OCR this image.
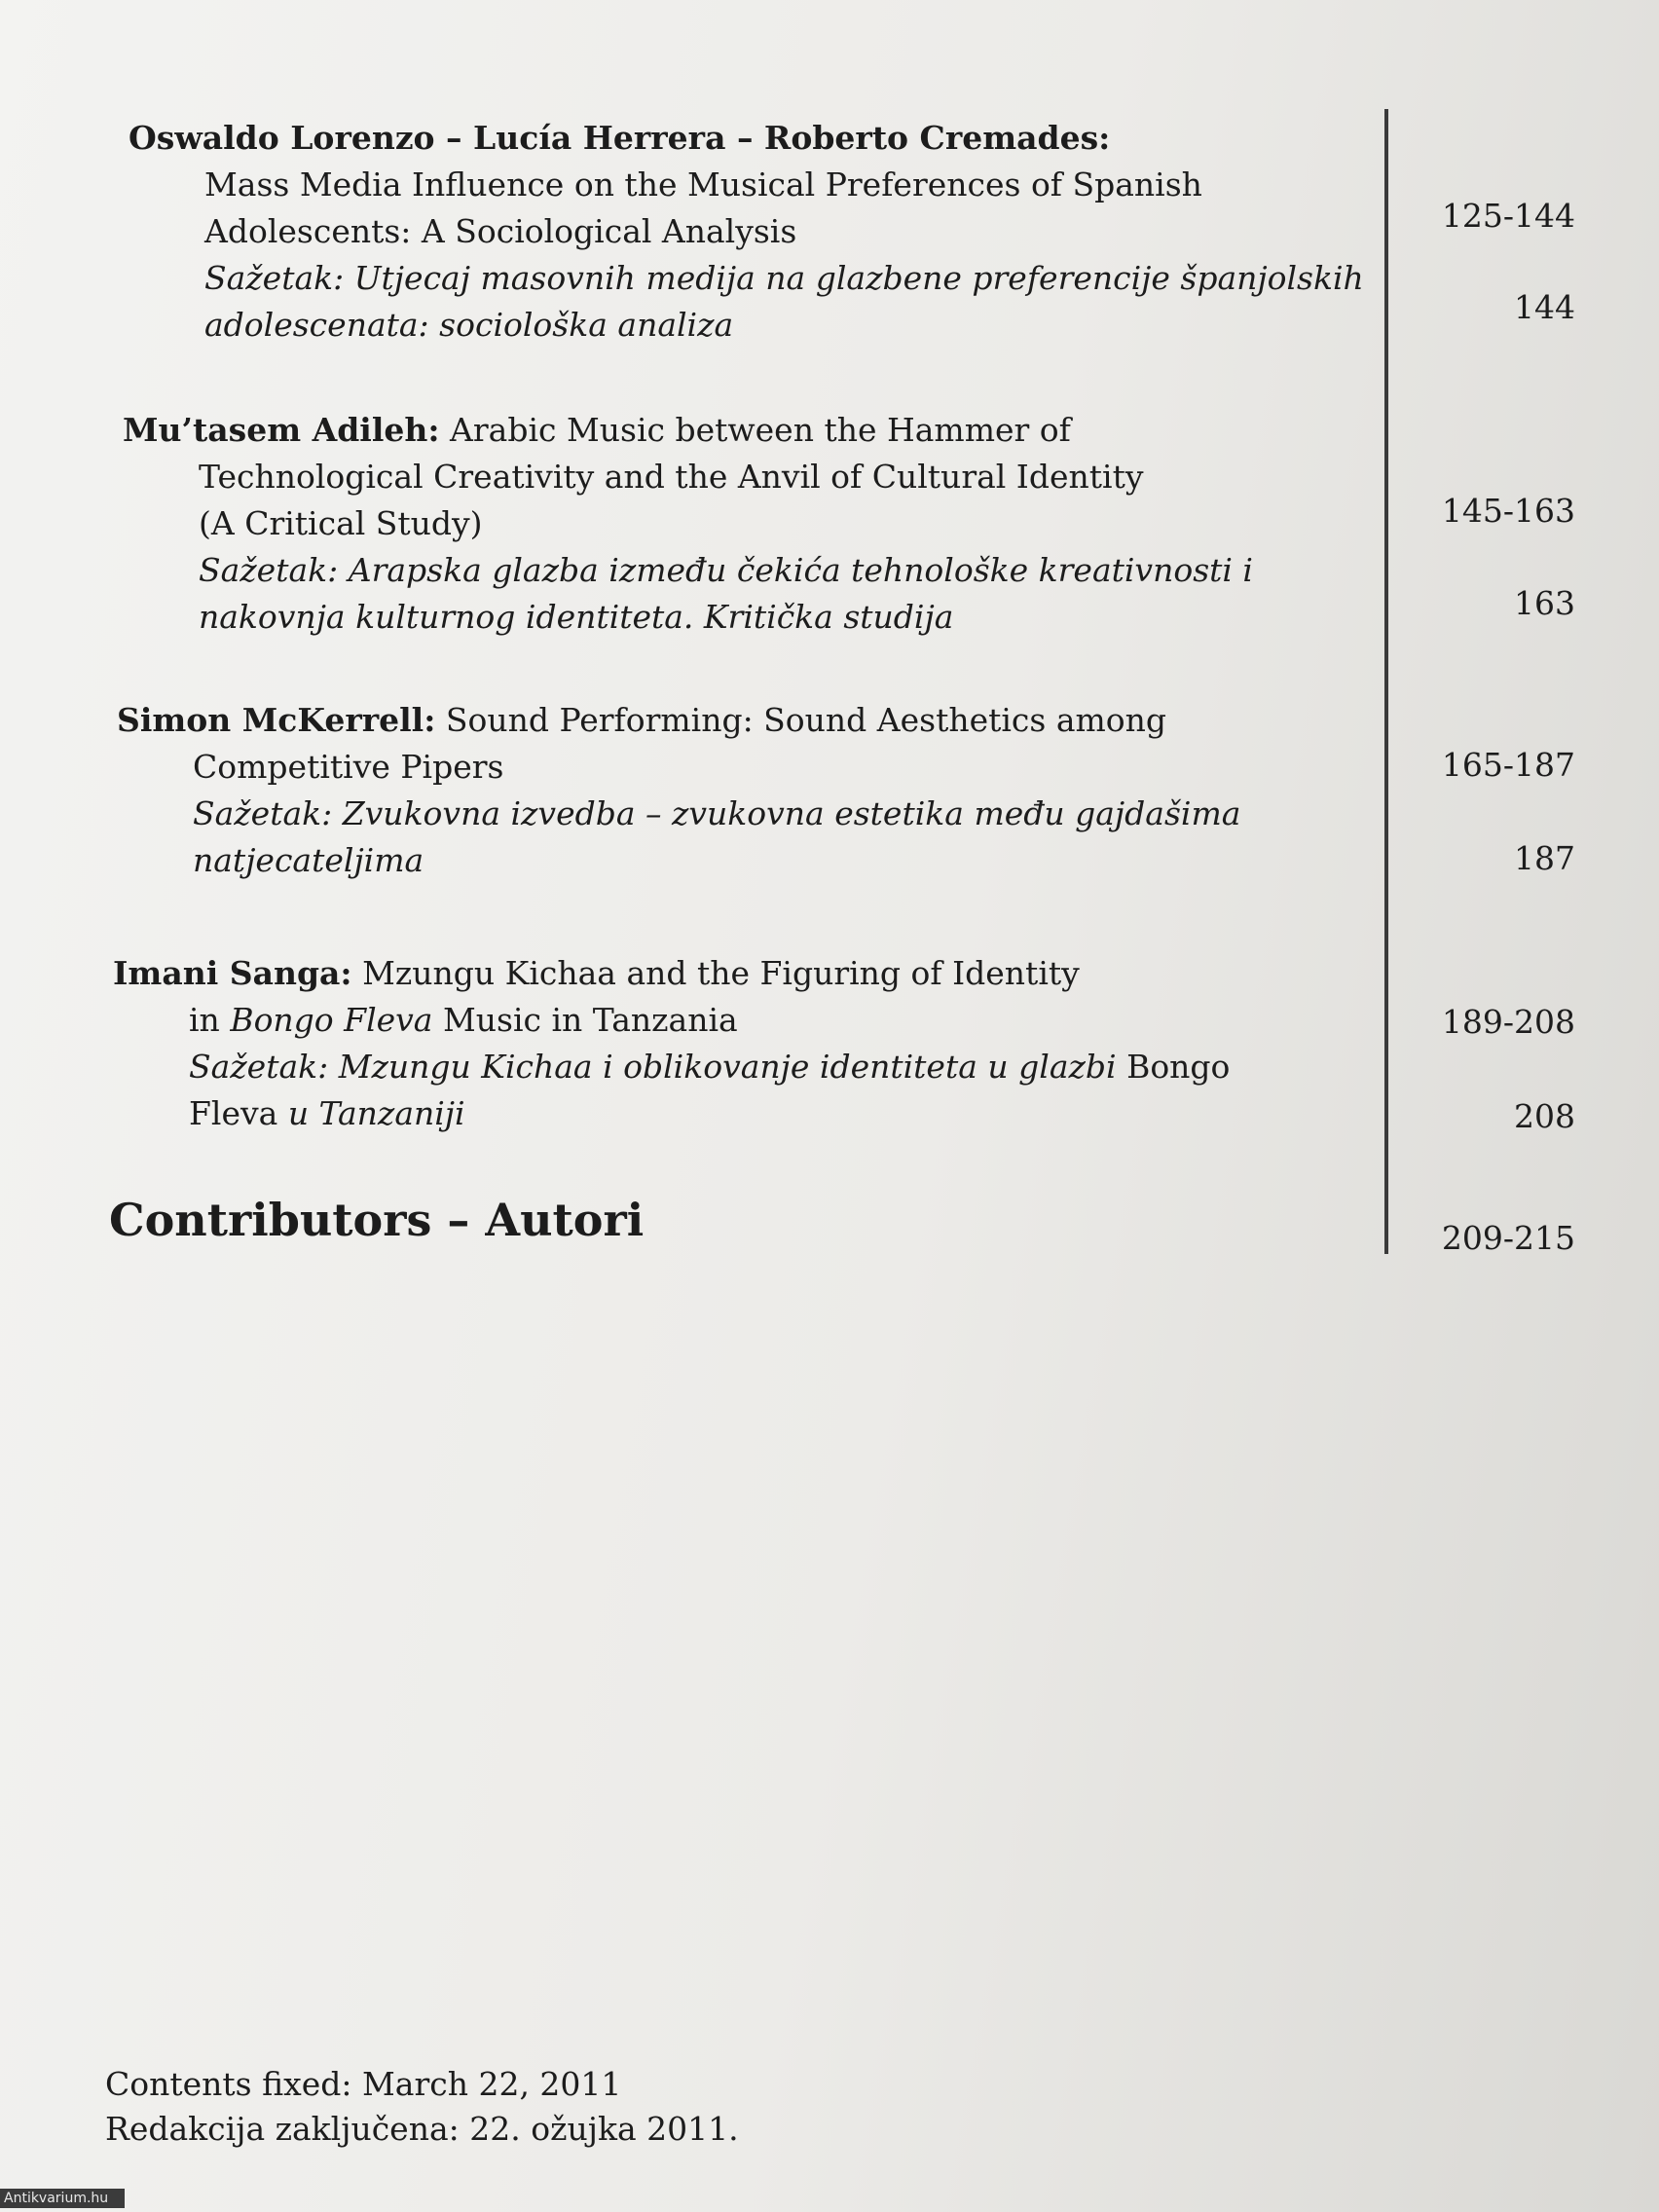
Oswaldo Lorenzo – Lucía Herrera – Roberto Cremades:
Mass Media Influence on the Musical Preferences of Spanish
Adolescents: A Sociological Analysis
Sažetak: Utjecaj masovnih medija na glazbene preferencije španjolskih
adolescenata: sociološka analiza
125-144
144
Mu’tasem Adileh: Arabic Music between the Hammer of
Technological Creativity and the Anvil of Cultural Identity
(A Critical Study)
Sažetak: Arapska glazba između čekića tehnološke kreativnosti i
nakovnja kulturnog identiteta. Kritička studija
145-163
163
Simon McKerrell: Sound Performing: Sound Aesthetics among
Competitive Pipers
Sažetak: Zvukovna izvedba – zvukovna estetika među gajdašima
natjecateljima
165-187
187
Imani Sanga: Mzungu Kichaa and the Figuring of Identity
in Bongo Fleva Music in Tanzania
Sažetak: Mzungu Kichaa i oblikovanje identiteta u glazbi Bongo
Fleva u Tanzaniji
189-208
208
Contributors – Autori	209-215
Contents fixed: March 22, 2011
Redakcija zaključena: 22. ožujka 2011.
Antikvarium.hu
